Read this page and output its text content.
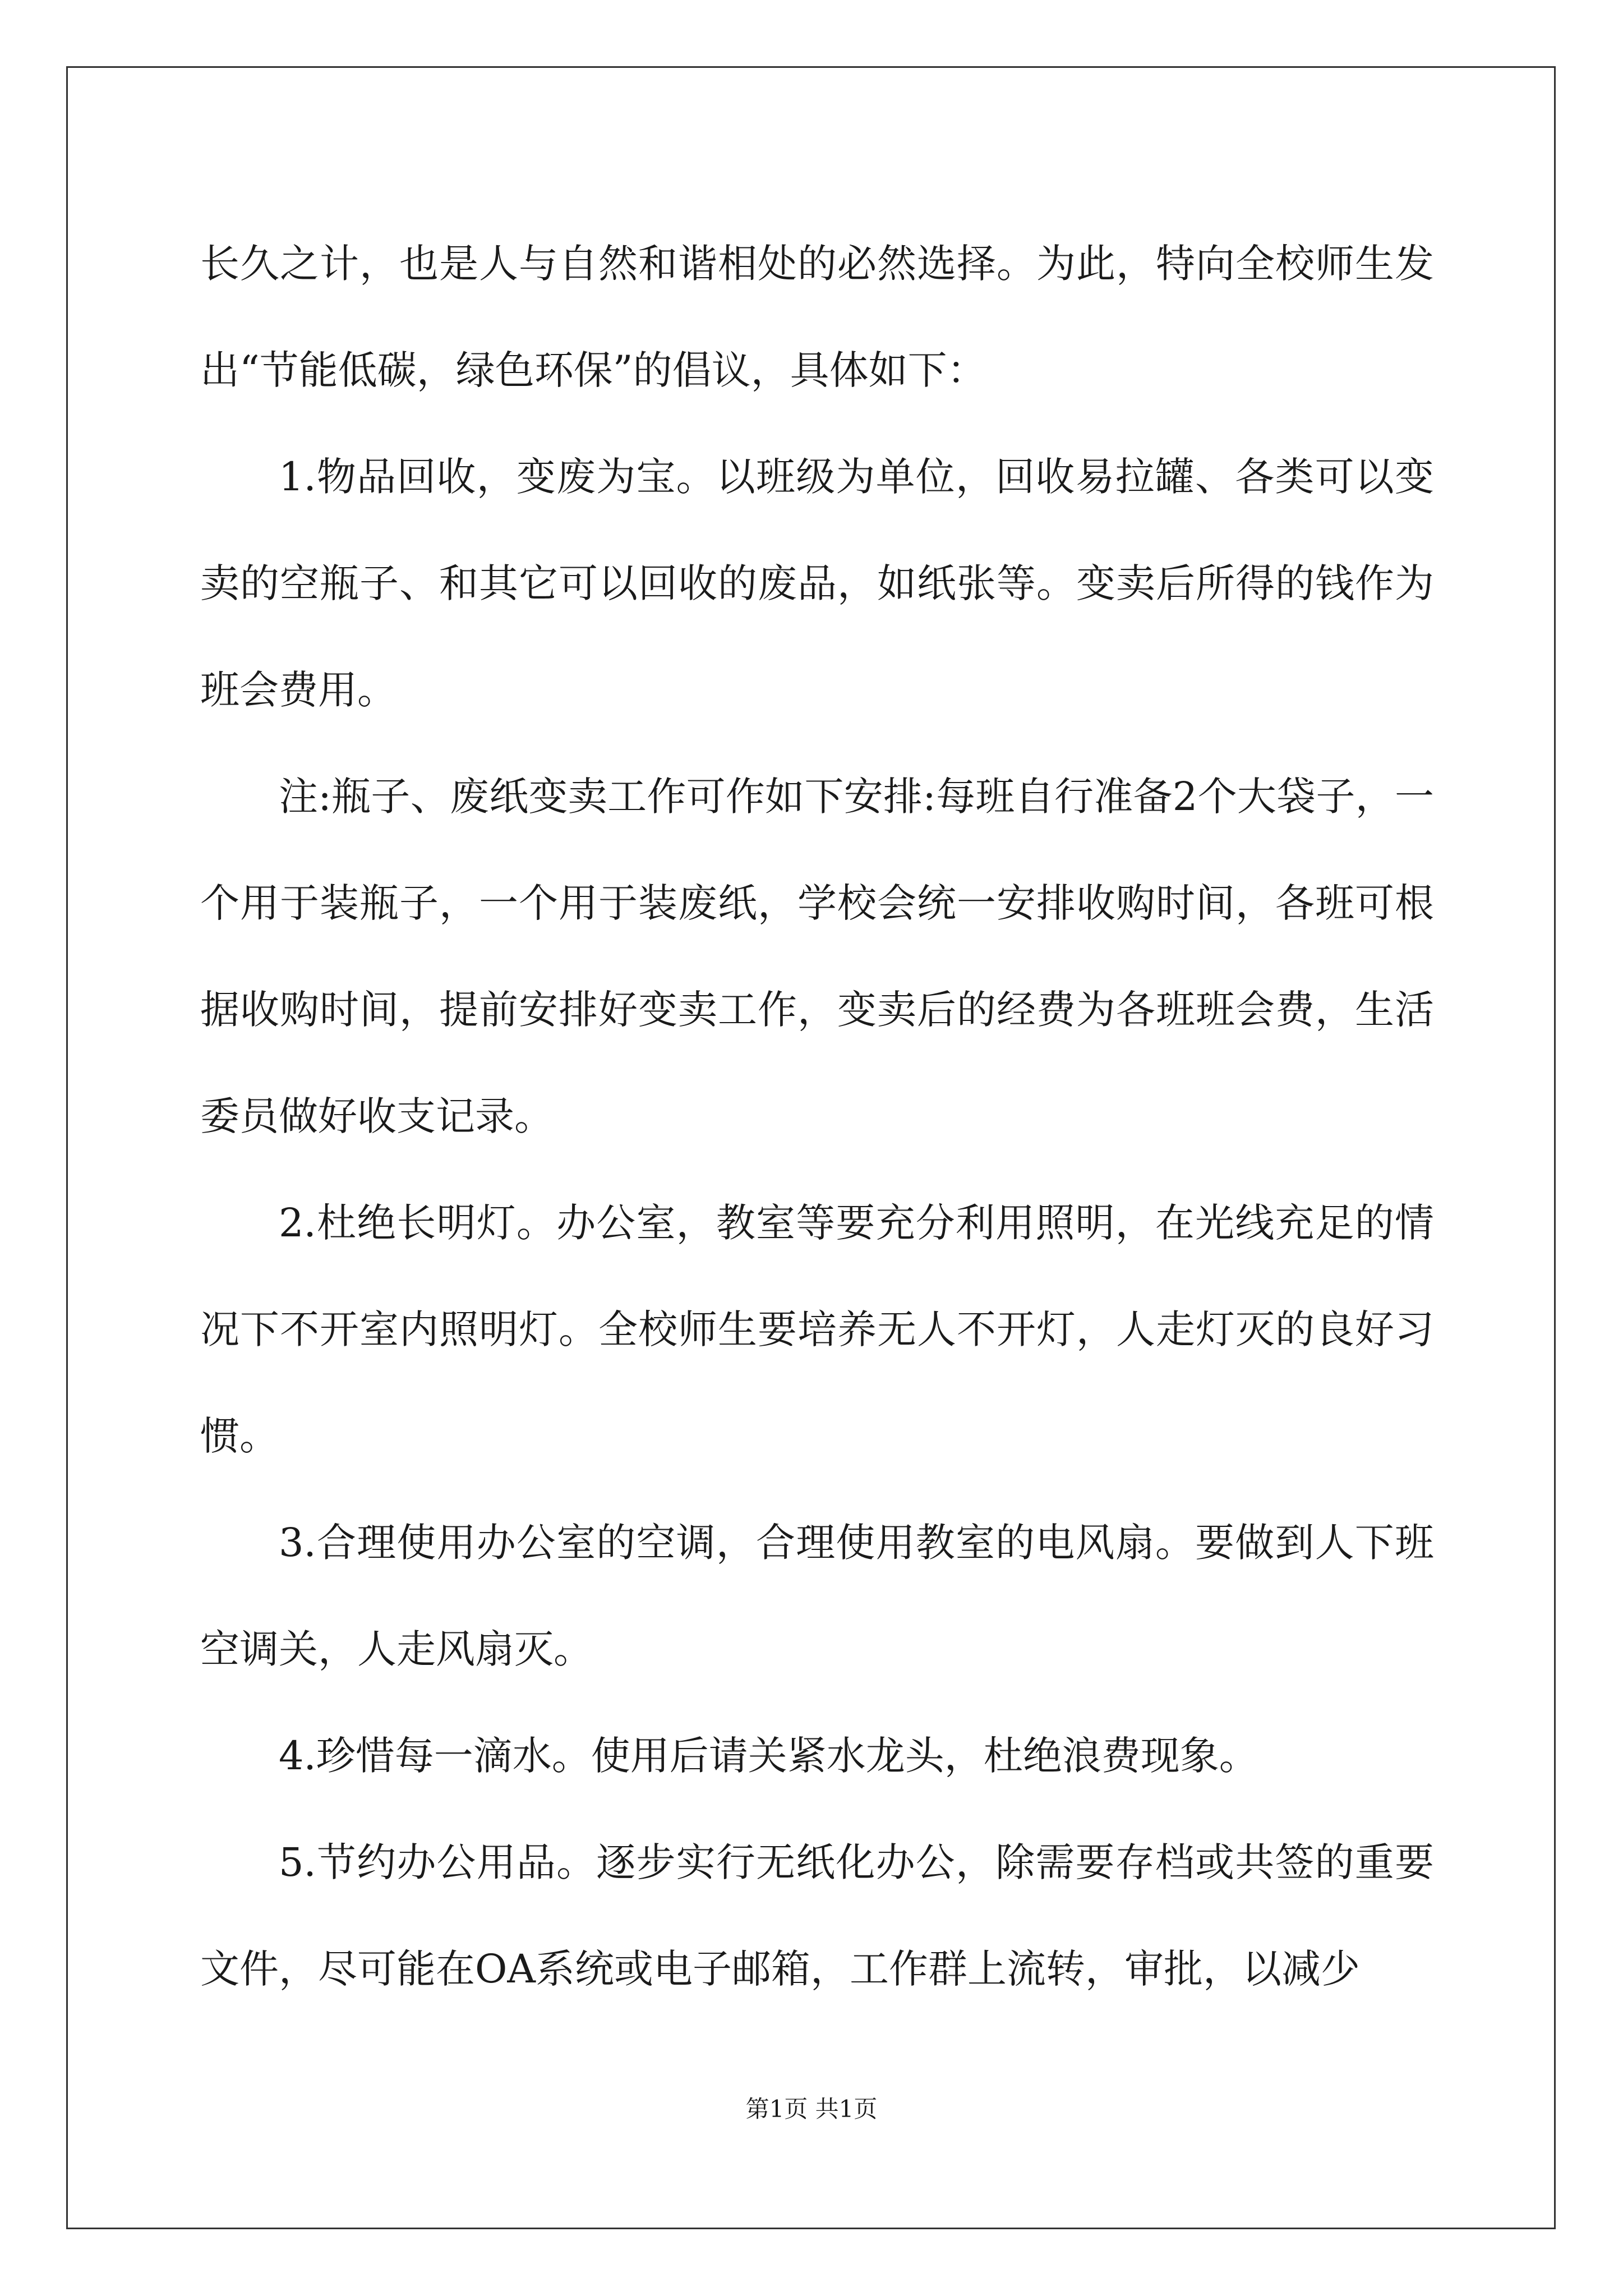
长久之计，也是人与自然和谐相处的必然选择。为此，特向全校师生发出“节能低碳，绿色环保”的倡议，具体如下：

1.物品回收，变废为宝。以班级为单位，回收易拉罐、各类可以变卖的空瓶子、和其它可以回收的废品，如纸张等。变卖后所得的钱作为班会费用。

注:瓶子、废纸变卖工作可作如下安排:每班自行准备2个大袋子，一个用于装瓶子，一个用于装废纸，学校会统一安排收购时间，各班可根据收购时间，提前安排好变卖工作，变卖后的经费为各班班会费，生活委员做好收支记录。

2.杜绝长明灯。办公室，教室等要充分利用照明，在光线充足的情况下不开室内照明灯。全校师生要培养无人不开灯，人走灯灭的良好习惯。

3.合理使用办公室的空调，合理使用教室的电风扇。要做到人下班空调关，人走风扇灭。

4.珍惜每一滴水。使用后请关紧水龙头，杜绝浪费现象。

5.节约办公用品。逐步实行无纸化办公，除需要存档或共签的重要文件，尽可能在OA系统或电子邮箱，工作群上流转，审批，以减少

第1页 共1页
